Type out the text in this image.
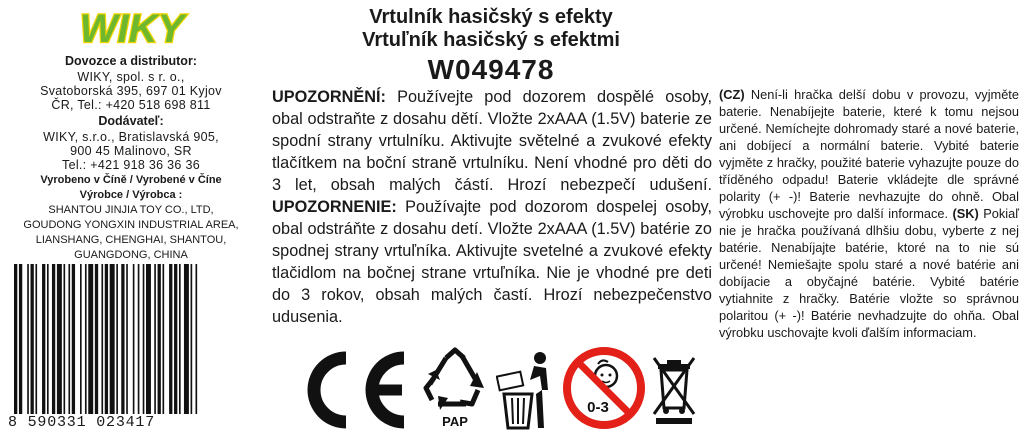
WIKY
Dovozce a distributor:
WIKY, spol. s r. o.,
Svatoborská 395, 697 01 Kyjov
ČR, Tel.: +420 518 698 811
Dodávateľ:
WIKY, s.r.o., Bratislavská 905,
900 45 Malinovo, SR
Tel.: +421 918 36 36 36
Vyrobeno v Číně / Vyrobené v Číne
Výrobce / Výrobca :
SHANTOU JINJIA TOY CO., LTD,
GOUDONG YONGXIN INDUSTRIAL AREA,
LIANSHANG, CHENGHAI, SHANTOU,
GUANGDONG, CHINA
8 590331 023417
Vrtulník hasičský s efekty
Vrtuľník hasičský s efektmi
W049478
UPOZORNĚNÍ: Používejte pod dozorem dospělé osoby, obal odstraňte z dosahu dětí. Vložte 2xAAA (1.5V) baterie ze spodní strany vrtulníku. Aktivujte světelné a zvukové efekty tlačítkem na boční straně vrtulníku. Není vhodné pro děti do 3 let, obsah malých částí. Hrozí nebezpečí udušení. UPOZORNENIE: Používajte pod dozorom dospelej osoby, obal odstráňte z dosahu detí. Vložte 2xAAA (1.5V) batérie zo spodnej strany vrtuľníka. Aktivujte svetelné a zvukové efekty tlačidlom na bočnej strane vrtuľníka. Nie je vhodné pre deti do 3 rokov, obsah malých častí. Hrozí nebezpečenstvo udusenia.
PAP
0-3
(CZ) Není-li hračka delší dobu v provozu, vyjměte baterie. Nenabíjejte baterie, které k tomu nejsou určené. Nemíchejte dohromady staré a nové baterie, ani dobíjecí a normální baterie. Vybité baterie vyjměte z hračky, použité baterie vyhazujte pouze do tříděného odpadu! Baterie vkládejte dle správné polarity (+ -)! Baterie nevhazujte do ohně. Obal výrobku uschovejte pro další informace. (SK) Pokiaľ nie je hračka používaná dlhšiu dobu, vyberte z nej batérie. Nenabíjajte batérie, ktoré na to nie sú určené! Nemiešajte spolu staré a nové batérie ani dobíjacie a obyčajné batérie. Vybité batérie vytiahnite z hračky. Batérie vložte so správnou polaritou (+ -)! Batérie nevhadzujte do ohňa. Obal výrobku uschovajte kvoli ďalším informaciam.
